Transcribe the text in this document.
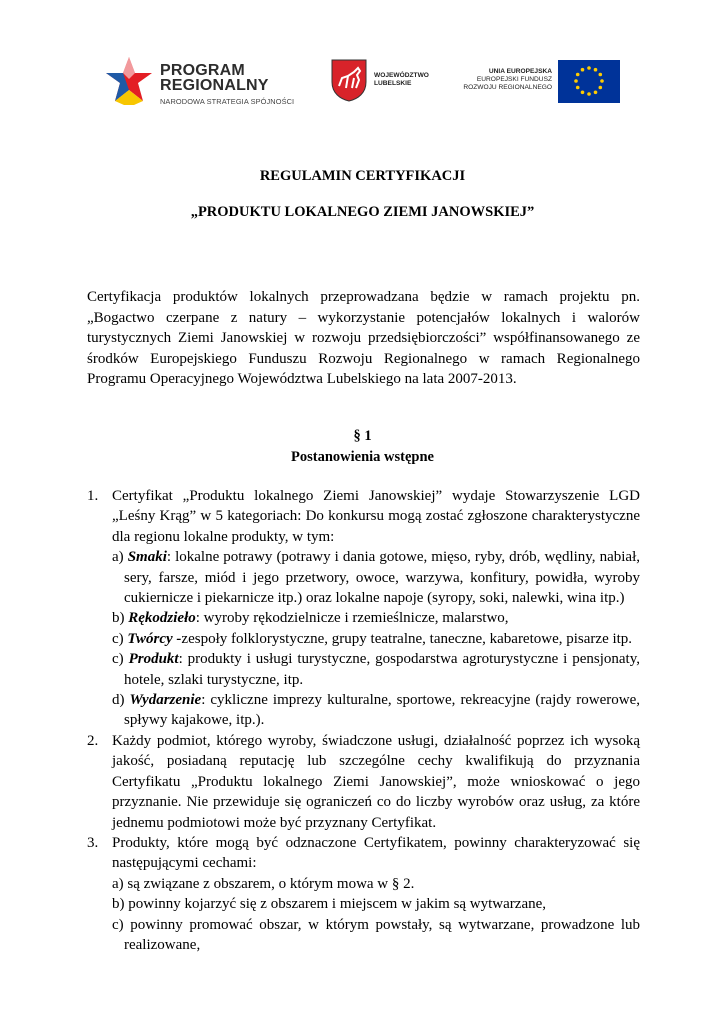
PROGRAM
REGIONALNY
NARODOWA STRATEGIA SPÓJNOŚCI
WOJEWÓDZTWO
LUBELSKIE
UNIA EUROPEJSKA
EUROPEJSKI FUNDUSZ
ROZWOJU REGIONALNEGO
REGULAMIN CERTYFIKACJI
„PRODUKTU LOKALNEGO ZIEMI JANOWSKIEJ”
Certyfikacja produktów lokalnych przeprowadzana będzie w ramach projektu pn. „Bogactwo czerpane z natury – wykorzystanie potencjałów lokalnych i walorów turystycznych Ziemi Janowskiej w rozwoju przedsiębiorczości” współfinansowanego ze środków Europejskiego Funduszu Rozwoju Regionalnego w ramach Regionalnego Programu Operacyjnego Województwa Lubelskiego na lata 2007-2013.
§ 1
Postanowienia wstępne
1. Certyfikat „Produktu lokalnego Ziemi Janowskiej” wydaje Stowarzyszenie LGD „Leśny Krąg” w 5 kategoriach: Do konkursu mogą zostać zgłoszone charakterystyczne dla regionu lokalne produkty, w tym:
a) Smaki: lokalne potrawy (potrawy i dania gotowe, mięso, ryby, drób, wędliny, nabiał, sery, farsze, miód i jego przetwory, owoce, warzywa, konfitury, powidła, wyroby cukiernicze i piekarnicze itp.) oraz lokalne napoje (syropy, soki, nalewki, wina itp.)
b) Rękodzieło: wyroby rękodzielnicze i rzemieślnicze, malarstwo,
c) Twórcy -zespoły folklorystyczne, grupy teatralne, taneczne, kabaretowe, pisarze itp.
c) Produkt: produkty i usługi turystyczne, gospodarstwa agroturystyczne i pensjonaty, hotele, szlaki turystyczne, itp.
d) Wydarzenie: cykliczne imprezy kulturalne, sportowe, rekreacyjne (rajdy rowerowe, spływy kajakowe, itp.).
2. Każdy podmiot, którego wyroby, świadczone usługi, działalność poprzez ich wysoką jakość, posiadaną reputację lub szczególne cechy kwalifikują do przyznania Certyfikatu „Produktu lokalnego Ziemi Janowskiej”, może wnioskować o jego przyznanie. Nie przewiduje się ograniczeń co do liczby wyrobów oraz usług, za które jednemu podmiotowi może być przyznany Certyfikat.
3. Produkty, które mogą być odznaczone Certyfikatem, powinny charakteryzować się następującymi cechami:
a) są związane z obszarem, o którym mowa w § 2.
b) powinny kojarzyć się z obszarem i miejscem w jakim są wytwarzane,
c) powinny promować obszar, w którym powstały, są wytwarzane, prowadzone lub realizowane,
